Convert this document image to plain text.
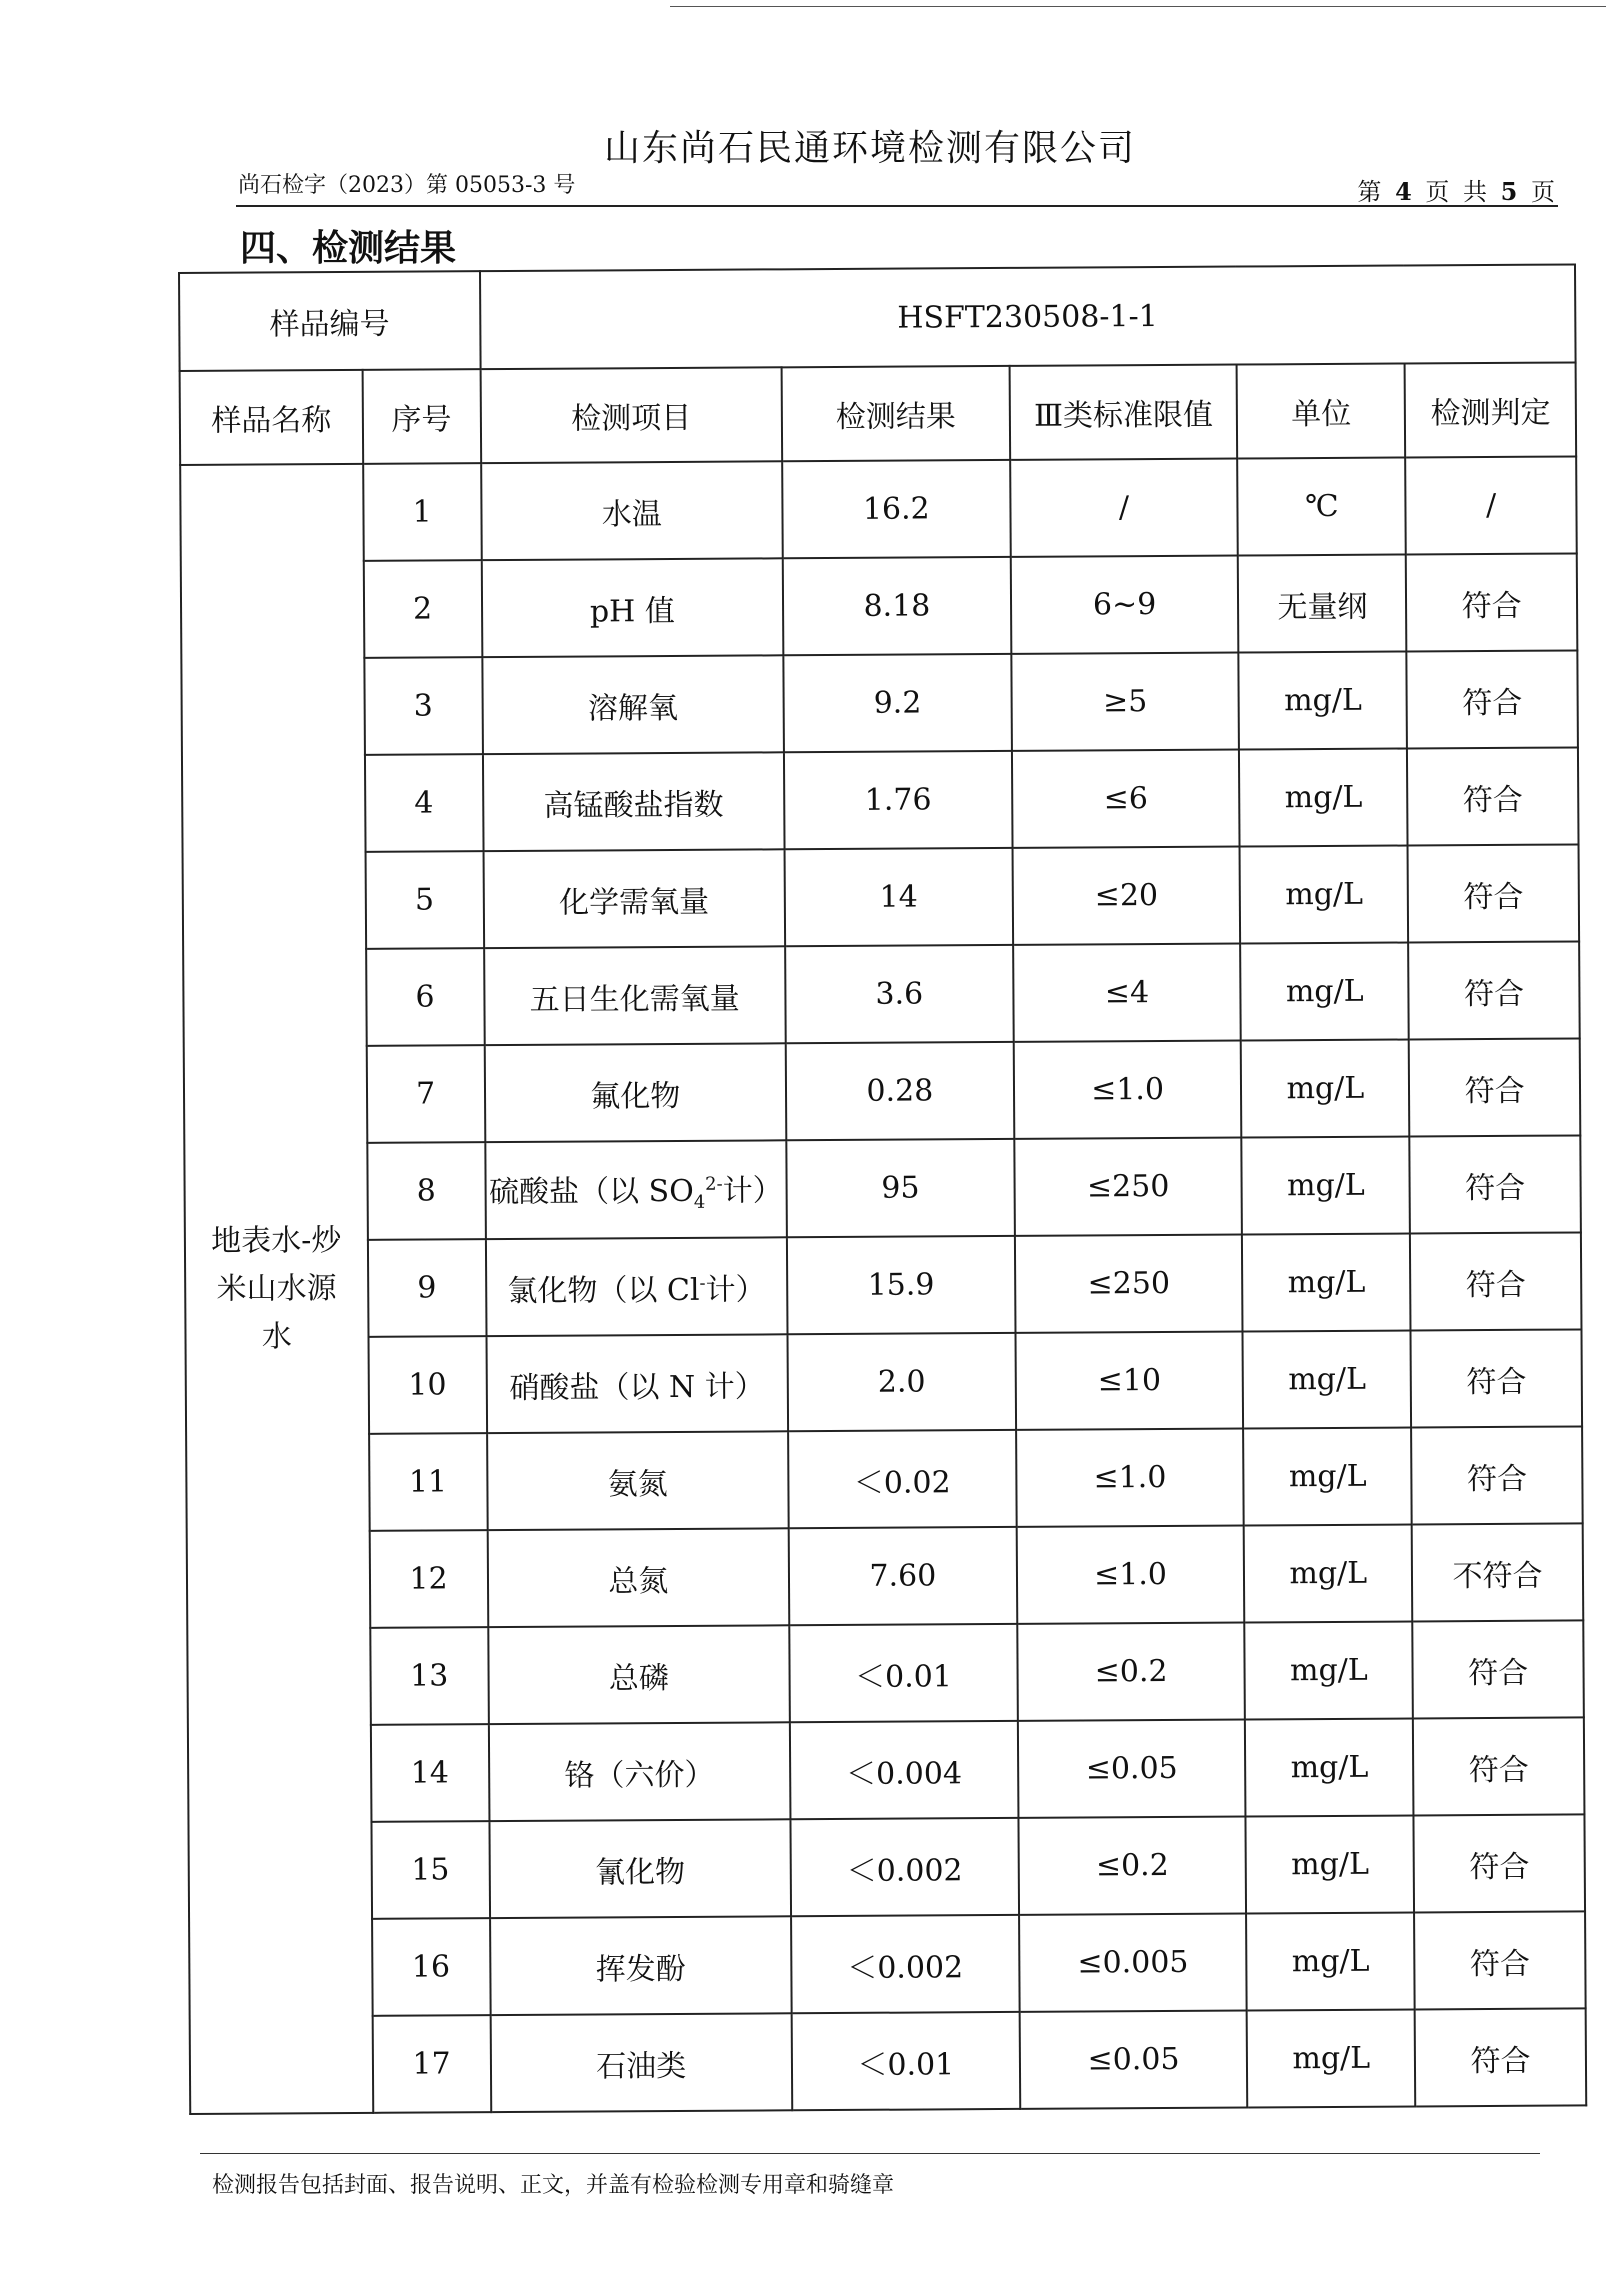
山东尚石民通环境检测有限公司
尚石检字（2023）第 05053-3 号	第 4 页 共 5 页
四、检测结果
样品编号		HSFT230508-1-1				
样品名称	序号	检测项目	检测结果	Ⅲ类标准限值	单位	检测判定

地表水-炒
米山水源
水	1	水温	16.2	/	℃	/
	2	pH 值	8.18	6~9	无量纲	符合
	3	溶解氧	9.2	≥5	mg/L	符合
	4	高锰酸盐指数	1.76	≤6	mg/L	符合
	5	化学需氧量	14	≤20	mg/L	符合
	6	五日生化需氧量	3.6	≤4	mg/L	符合
	7	氟化物	0.28	≤1.0	mg/L	符合
	8	硫酸盐（以 $SO_4^{2-}$计）	95	≤250	mg/L	符合
	9	氯化物（以 Cl-计）	15.9	≤250	mg/L	符合
	10	硝酸盐（以 N 计）	2.0	≤10	mg/L	符合
	11	氨氮	＜0.02	≤1.0	mg/L	符合
	12	总氮	7.60	≤1.0	mg/L	不符合
	13	总磷	＜0.01	≤0.2	mg/L	符合
	14	铬（六价）	＜0.004	≤0.05	mg/L	符合
	15	氰化物	＜0.002	≤0.2	mg/L	符合
	16	挥发酚	＜0.002	≤0.005	mg/L	符合
	17	石油类	＜0.01	≤0.05	mg/L	符合
检测报告包括封面、报告说明、正文，并盖有检验检测专用章和骑缝章
